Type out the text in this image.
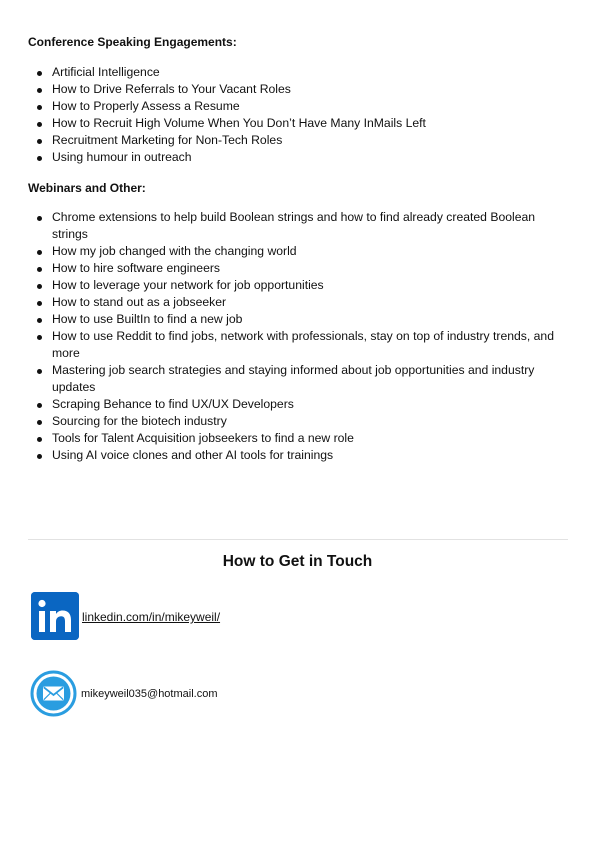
Conference Speaking Engagements:
Artificial Intelligence
How to Drive Referrals to Your Vacant Roles
How to Properly Assess a Resume
How to Recruit High Volume When You Don’t Have Many InMails Left
Recruitment Marketing for Non-Tech Roles
Using humour in outreach
Webinars and Other:
Chrome extensions to help build Boolean strings and how to find already created Boolean strings
How my job changed with the changing world
How to hire software engineers
How to leverage your network for job opportunities
How to stand out as a jobseeker
How to use BuiltIn to find a new job
How to use Reddit to find jobs, network with professionals, stay on top of industry trends, and more
Mastering job search strategies and staying informed about job opportunities and industry updates
Scraping Behance to find UX/UX Developers
Sourcing for the biotech industry
Tools for Talent Acquisition jobseekers to find a new role
Using AI voice clones and other AI tools for trainings
How to Get in Touch
linkedin.com/in/mikeyweil/
mikeyweil035@hotmail.com
